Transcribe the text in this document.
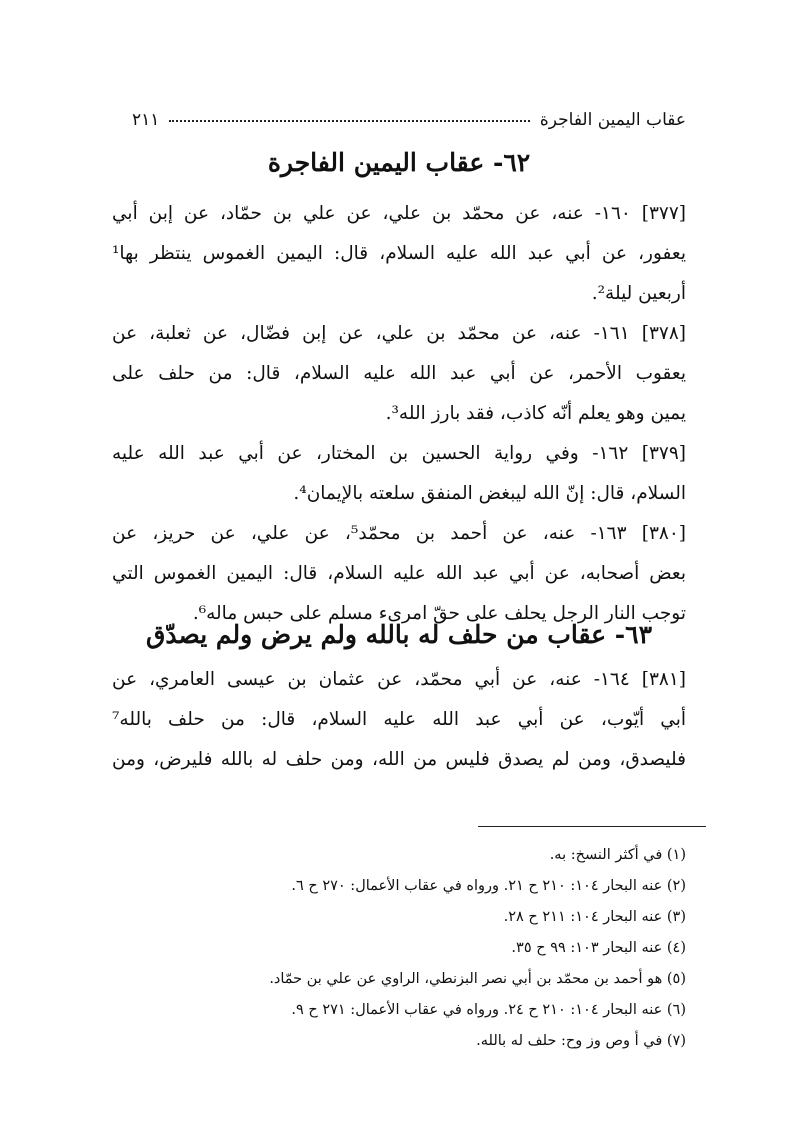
عقاب اليمين الفاجرة
٢١١
٦٢- عقاب اليمين الفاجرة
[٣٧٧] ١٦٠- عنه، عن محمّد بن علي، عن علي بن حمّاد، عن إبن أبي
يعفور، عن أبي عبد الله عليه السلام، قال: اليمين الغموس ينتظر بها¹
أربعين ليلة².
[٣٧٨] ١٦١- عنه، عن محمّد بن علي، عن إبن فضّال، عن ثعلبة، عن
يعقوب الأحمر، عن أبي عبد الله عليه السلام، قال: من حلف على
يمين وهو يعلم أنّه كاذب، فقد بارز الله³.
[٣٧٩] ١٦٢- وفي رواية الحسين بن المختار، عن أبي عبد الله عليه
السلام، قال: إنّ الله ليبغض المنفق سلعته بالإيمان⁴.
[٣٨٠] ١٦٣- عنه، عن أحمد بن محمّد⁵، عن علي، عن حريز، عن
بعض أصحابه، عن أبي عبد الله عليه السلام، قال: اليمين الغموس التي
توجب النار الرجل يحلف على حقّ امرىء مسلم على حبس ماله⁶.
٦٣- عقاب من حلف له بالله ولم يرض ولم يصدّق
[٣٨١] ١٦٤- عنه، عن أبي محمّد، عن عثمان بن عيسى العامري، عن
أبي أيّوب، عن أبي عبد الله عليه السلام، قال: من حلف بالله⁷
فليصدق، ومن لم يصدق فليس من الله، ومن حلف له بالله فليرض، ومن
(١) في أكثر النسخ: به.
(٢) عنه البحار ١٠٤: ٢١٠ ح ٢١. ورواه في عقاب الأعمال: ٢٧٠ ح ٦.
(٣) عنه البحار ١٠٤: ٢١١ ح ٢٨.
(٤) عنه البحار ١٠٣: ٩٩ ح ٣٥.
(٥) هو أحمد بن محمّد بن أبي نصر البزنطي، الراوي عن علي بن حمّاد.
(٦) عنه البحار ١٠٤: ٢١٠ ح ٢٤. ورواه في عقاب الأعمال: ٢٧١ ح ٩.
(٧) في أ وص وز وح: حلف له بالله.
